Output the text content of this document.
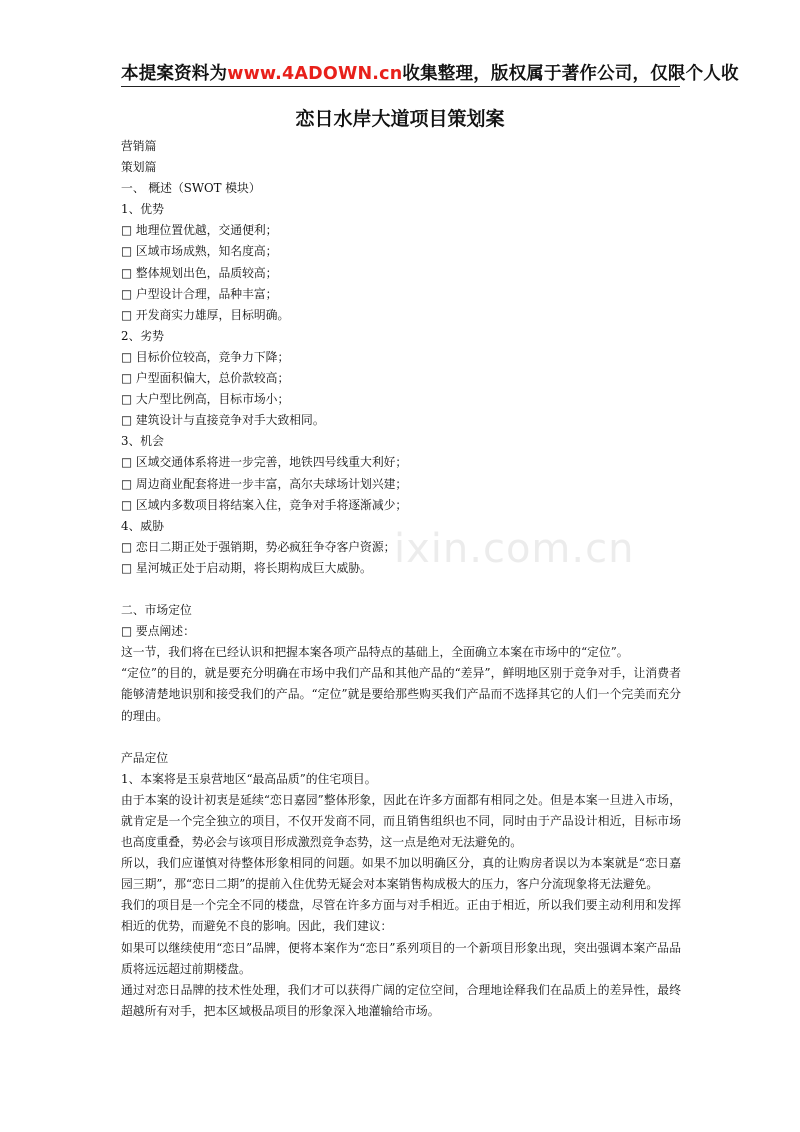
本提案资料为www.4ADOWN.cn收集整理，版权属于著作公司，仅限个人收
恋日水岸大道项目策划案

营销篇

策划篇

一、 概述（SWOT 模块）

1、优势

□ 地理位置优越，交通便利；

□ 区域市场成熟，知名度高；

□ 整体规划出色，品质较高；

□ 户型设计合理，品种丰富；

□ 开发商实力雄厚，目标明确。

2、劣势

□ 目标价位较高，竞争力下降；

□ 户型面积偏大，总价款较高；

□ 大户型比例高，目标市场小；

□ 建筑设计与直接竞争对手大致相同。

3、机会

□ 区域交通体系将进一步完善，地铁四号线重大利好；

□ 周边商业配套将进一步丰富，高尔夫球场计划兴建；

□ 区域内多数项目将结案入住，竞争对手将逐渐减少；

4、威胁

□ 恋日二期正处于强销期，势必疯狂争夺客户资源；

□ 星河城正处于启动期，将长期构成巨大威胁。

二、市场定位

□ 要点阐述：

这一节，我们将在已经认识和把握本案各项产品特点的基础上，全面确立本案在市场中的“定位”。

“定位”的目的，就是要充分明确在市场中我们产品和其他产品的“差异”，鲜明地区别于竞争对手，让消费者能够清楚地识别和接受我们的产品。“定位”就是要给那些购买我们产品而不选择其它的人们一个完美而充分的理由。

产品定位

1、本案将是玉泉营地区“最高品质”的住宅项目。

由于本案的设计初衷是延续“恋日嘉园”整体形象，因此在许多方面都有相同之处。但是本案一旦进入市场，就肯定是一个完全独立的项目，不仅开发商不同，而且销售组织也不同，同时由于产品设计相近，目标市场也高度重叠，势必会与该项目形成激烈竞争态势，这一点是绝对无法避免的。

所以，我们应谨慎对待整体形象相同的问题。如果不加以明确区分，真的让购房者误以为本案就是“恋日嘉园三期”，那“恋日二期”的提前入住优势无疑会对本案销售构成极大的压力，客户分流现象将无法避免。

我们的项目是一个完全不同的楼盘，尽管在许多方面与对手相近。正由于相近，所以我们要主动利用和发挥相近的优势，而避免不良的影响。因此，我们建议：

如果可以继续使用“恋日”品牌，便将本案作为“恋日”系列项目的一个新项目形象出现，突出强调本案产品品质将远远超过前期楼盘。

通过对恋日品牌的技术性处理，我们才可以获得广阔的定位空间，合理地诠释我们在品质上的差异性，最终超越所有对手，把本区域极品项目的形象深入地灌输给市场。

ixin.com.cn
